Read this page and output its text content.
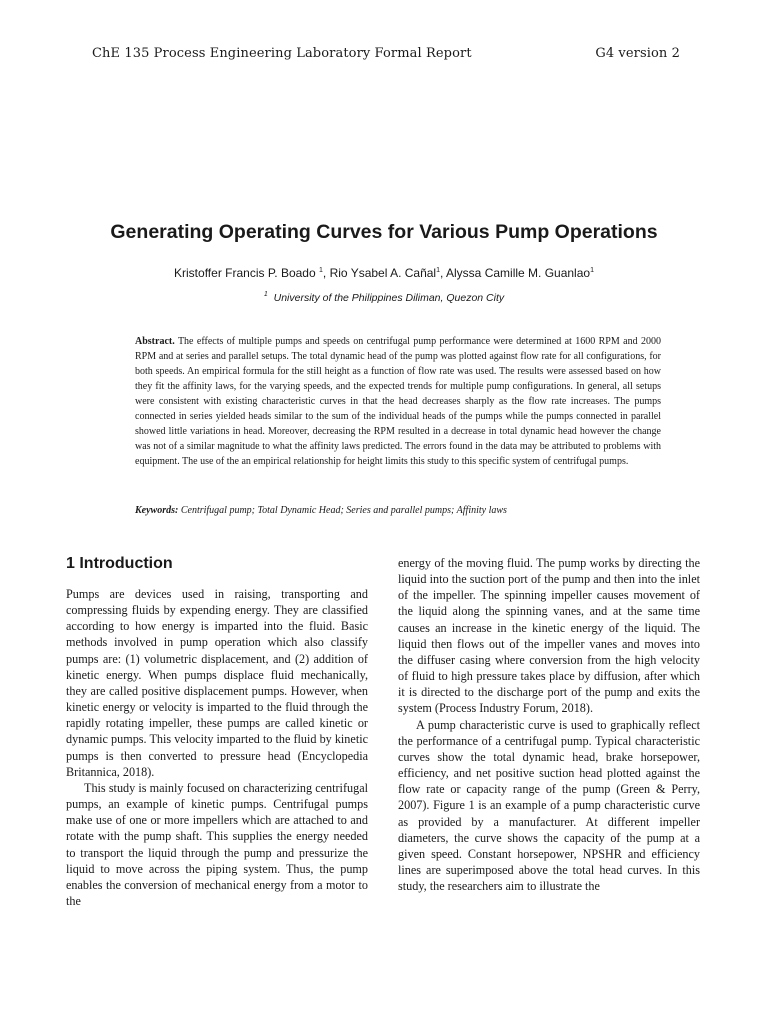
ChE 135 Process Engineering Laboratory Formal Report	G4 version 2
Generating Operating Curves for Various Pump Operations
Kristoffer Francis P. Boado $^1$, Rio Ysabel A. Cañal$^1$, Alyssa Camille M. Guanlao$^1$
$^1$ University of the Philippines Diliman, Quezon City
Abstract. The effects of multiple pumps and speeds on centrifugal pump performance were determined at 1600 RPM and 2000 RPM and at series and parallel setups. The total dynamic head of the pump was plotted against flow rate for all configurations, for both speeds. An empirical formula for the still height as a function of flow rate was used. The results were assessed based on how they fit the affinity laws, for the varying speeds, and the expected trends for multiple pump configurations. In general, all setups were consistent with existing characteristic curves in that the head decreases sharply as the flow rate increases. The pumps connected in series yielded heads similar to the sum of the individual heads of the pumps while the pumps connected in parallel showed little variations in head. Moreover, decreasing the RPM resulted in a decrease in total dynamic head however the change was not of a similar magnitude to what the affinity laws predicted. The errors found in the data may be attributed to problems with equipment. The use of the an empirical relationship for height limits this study to this specific system of centrifugal pumps.
Keywords: Centrifugal pump; Total Dynamic Head; Series and parallel pumps; Affinity laws
1 Introduction

Pumps are devices used in raising, transporting and compressing fluids by expending energy. They are classified according to how energy is imparted into the fluid. Basic methods involved in pump operation which also classify pumps are: (1) volumetric displacement, and (2) addition of kinetic energy. When pumps displace fluid mechanically, they are called positive displacement pumps. However, when kinetic energy or velocity is imparted to the fluid through the rapidly rotating impeller, these pumps are called kinetic or dynamic pumps. This velocity imparted to the fluid by kinetic pumps is then converted to pressure head (Encyclopedia Britannica, 2018).

This study is mainly focused on characterizing centrifugal pumps, an example of kinetic pumps. Centrifugal pumps make use of one or more impellers which are attached to and rotate with the pump shaft. This supplies the energy needed to transport the liquid through the pump and pressurize the liquid to move across the piping system. Thus, the pump enables the conversion of mechanical energy from a motor to the

energy of the moving fluid. The pump works by directing the liquid into the suction port of the pump and then into the inlet of the impeller. The spinning impeller causes movement of the liquid along the spinning vanes, and at the same time causes an increase in the kinetic energy of the liquid. The liquid then flows out of the impeller vanes and moves into the diffuser casing where conversion from the high velocity of fluid to high pressure takes place by diffusion, after which it is directed to the discharge port of the pump and exits the system (Process Industry Forum, 2018).

A pump characteristic curve is used to graphically reflect the performance of a centrifugal pump. Typical characteristic curves show the total dynamic head, brake horsepower, efficiency, and net positive suction head plotted against the flow rate or capacity range of the pump (Green & Perry, 2007). Figure 1 is an example of a pump characteristic curve as provided by a manufacturer. At different impeller diameters, the curve shows the capacity of the pump at a given speed. Constant horsepower, NPSHR and efficiency lines are superimposed above the total head curves. In this study, the researchers aim to illustrate the
